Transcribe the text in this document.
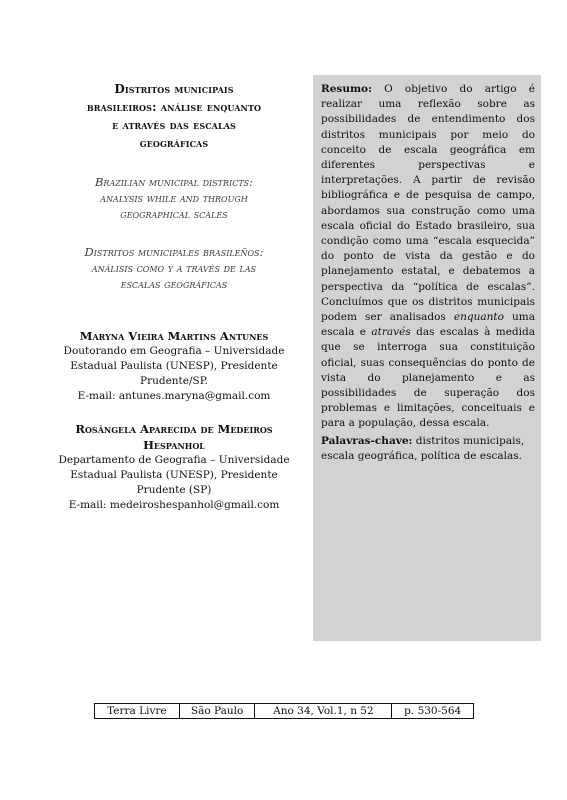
Distritos municipais
brasileiros: análise enquanto
e através das escalas
geográficas

Brazilian municipal districts:
analysis while and through
geographical scales

Distritos municipales brasileños:
análisis como y a través de las
escalas geográficas

Maryna Vieira Martins Antunes

Doutorando em Geografia – Universidade

Estadual Paulista (UNESP), Presidente

Prudente/SP.

E-mail: antunes.maryna@gmail.com

Rosângela Aparecida de Medeiros
Hespanhol

Departamento de Geografia – Universidade

Estadual Paulista (UNESP), Presidente

Prudente (SP)

E-mail: medeiroshespanhol@gmail.com

Resumo: O objetivo do artigo é realizar uma reflexão sobre as possibilidades de entendimento dos distritos municipais por meio do conceito de escala geográfica em diferentes perspectivas e interpretações. A partir de revisão bibliográfica e de pesquisa de campo, abordamos sua construção como uma escala oficial do Estado brasileiro, sua condição como uma “escala esquecida” do ponto de vista da gestão e do planejamento estatal, e debatemos a perspectiva da “política de escalas”. Concluímos que os distritos municipais podem ser analisados enquanto uma escala e através das escalas à medida que se interroga sua constituição oficial, suas consequências do ponto de vista do planejamento e as possibilidades de superação dos problemas e limitações, conceituais e para a população, dessa escala.

Palavras-chave: distritos municipais, escala geográfica, política de escalas.

Terra Livre	São Paulo	Ano 34, Vol.1, n 52	p. 530-564
